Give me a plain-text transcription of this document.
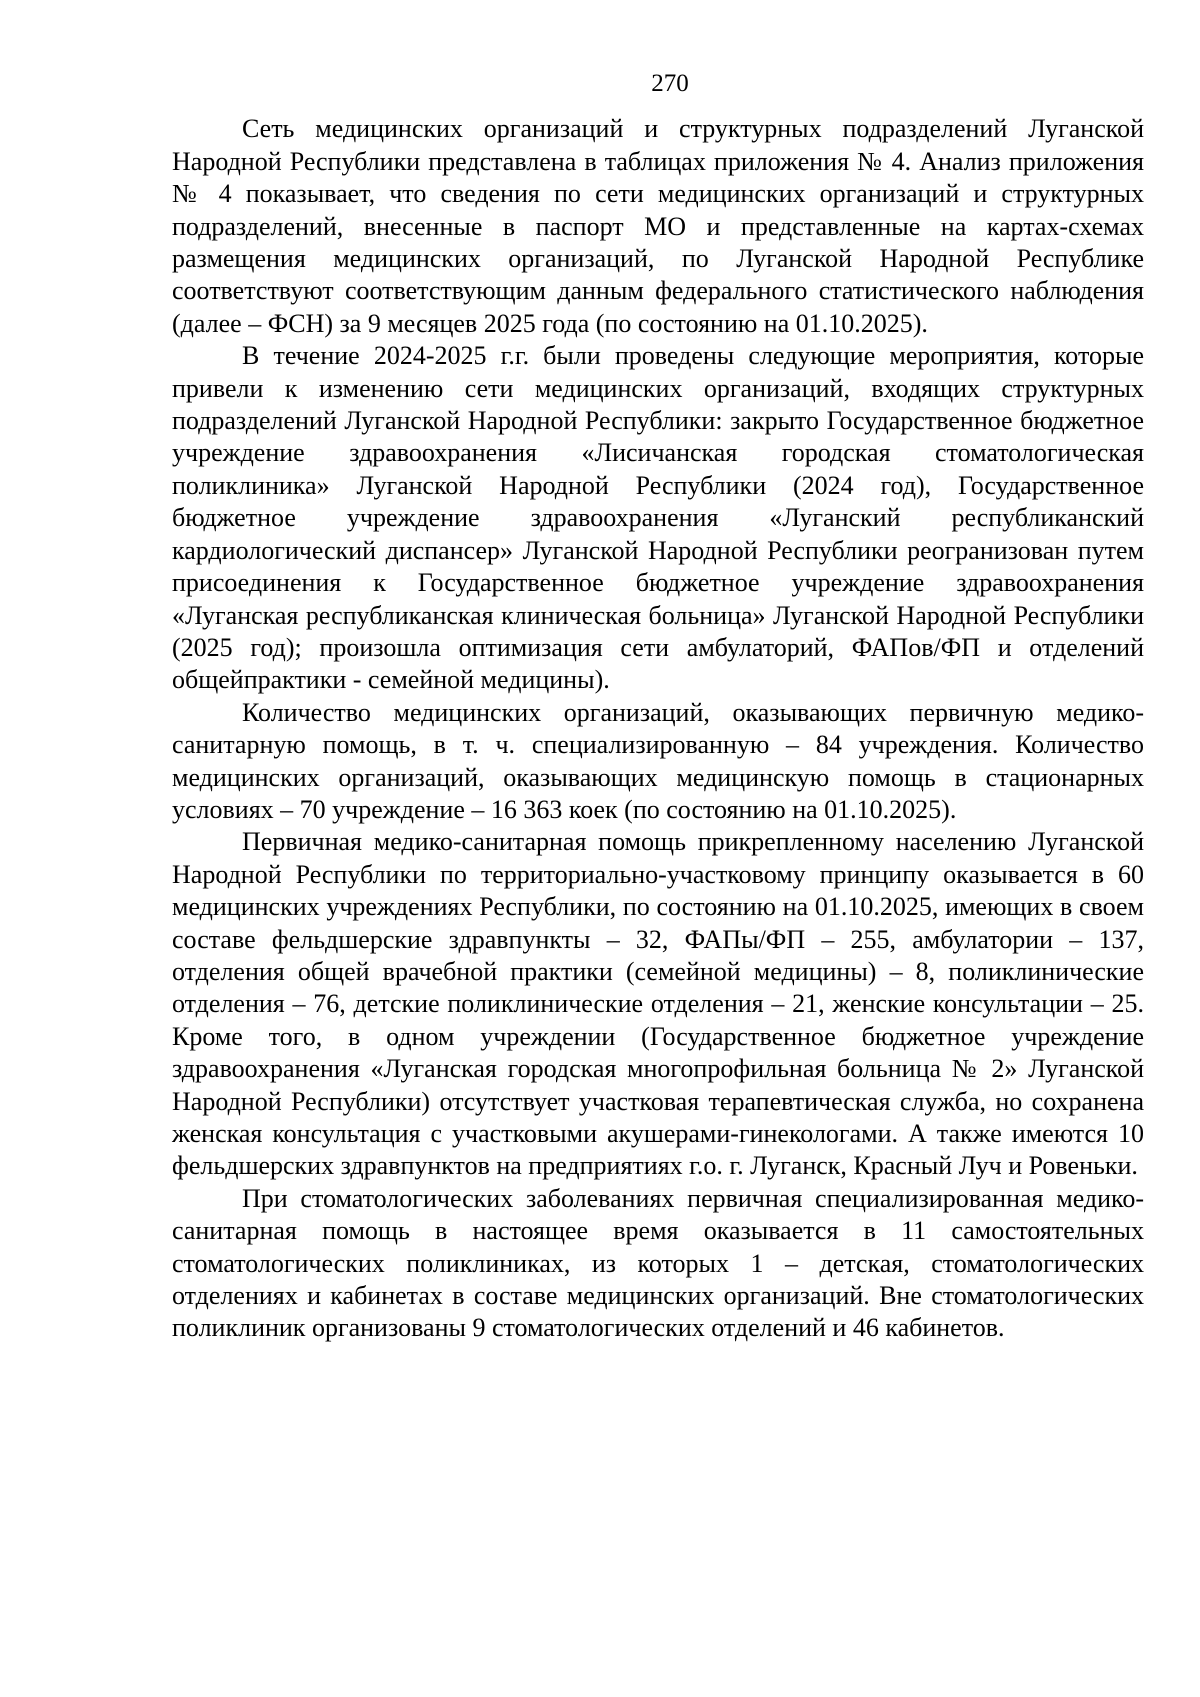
270

Сеть медицинских организаций и структурных подразделений Луганской Народной Республики представлена в таблицах приложения № 4. Анализ приложения № 4 показывает, что сведения по сети медицинских организаций и структурных подразделений, внесенные в паспорт МО и представленные на картах-схемах размещения медицинских организаций, по Луганской Народной Республике соответствуют соответствующим данным федерального статистического наблюдения (далее – ФСН) за 9 месяцев 2025 года (по состоянию на 01.10.2025).

В течение 2024-2025 г.г. были проведены следующие мероприятия, которые привели к изменению сети медицинских организаций, входящих структурных подразделений Луганской Народной Республики: закрыто Государственное бюджетное учреждение здравоохранения «Лисичанская городская стоматологическая поликлиника» Луганской Народной Республики (2024 год), Государственное бюджетное учреждение здравоохранения «Луганский республиканский кардиологический диспансер» Луганской Народной Республики реогранизован путем присоединения к Государственное бюджетное учреждение здравоохранения «Луганская республиканская клиническая больница» Луганской Народной Республики (2025 год); произошла оптимизация сети амбулаторий, ФАПов/ФП и отделений общейпрактики - семейной медицины).

Количество медицинских организаций, оказывающих первичную медико-санитарную помощь, в т. ч. специализированную – 84 учреждения. Количество медицинских организаций, оказывающих медицинскую помощь в стационарных условиях – 70 учреждение – 16 363 коек (по состоянию на 01.10.2025).

Первичная медико-санитарная помощь прикрепленному населению Луганской Народной Республики по территориально-участковому принципу оказывается в 60 медицинских учреждениях Республики, по состоянию на 01.10.2025, имеющих в своем составе фельдшерские здравпункты – 32, ФАПы/ФП – 255, амбулатории – 137, отделения общей врачебной практики (семейной медицины) – 8, поликлинические отделения – 76, детские поликлинические отделения – 21, женские консультации – 25. Кроме того, в одном учреждении (Государственное бюджетное учреждение здравоохранения «Луганская городская многопрофильная больница № 2» Луганской Народной Республики) отсутствует участковая терапевтическая служба, но сохранена женская консультация с участковыми акушерами-гинекологами. А также имеются 10 фельдшерских здравпунктов на предприятиях г.о. г. Луганск, Красный Луч и Ровеньки.

При стоматологических заболеваниях первичная специализированная медико-санитарная помощь в настоящее время оказывается в 11 самостоятельных стоматологических поликлиниках, из которых 1 – детская, стоматологических отделениях и кабинетах в составе медицинских организаций. Вне стоматологических поликлиник организованы 9 стоматологических отделений и 46 кабинетов.
